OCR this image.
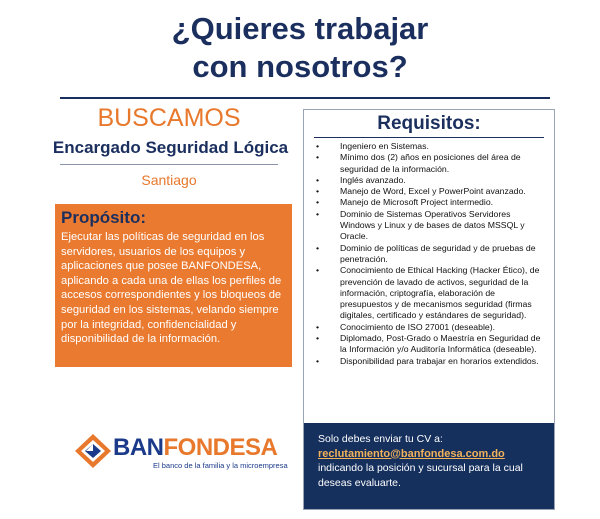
¿Quieres trabajar
con nosotros?
BUSCAMOS
Encargado Seguridad Lógica
Santiago
Propósito:
Ejecutar las políticas de seguridad en los servidores, usuarios de los equipos y aplicaciones que posee BANFONDESA, aplicando a cada una de ellas los perfiles de accesos correspondientes y los bloqueos de seguridad en los sistemas, velando siempre por la integridad, confidencialidad y disponibilidad de la información.
BANFONDESA
El banco de la familia y la microempresa
Requisitos:
• Ingeniero en Sistemas.
• Mínimo dos (2) años en posiciones del área de seguridad de la información.
• Inglés avanzado.
• Manejo de Word, Excel y PowerPoint avanzado.
• Manejo de Microsoft Project intermedio.
• Dominio de Sistemas Operativos Servidores Windows y Linux y de bases de datos MSSQL y Oracle.
• Dominio de políticas de seguridad y de pruebas de penetración.
• Conocimiento de Ethical Hacking (Hacker Ético), de prevención de lavado de activos, seguridad de la información, criptografía, elaboración de presupuestos y de mecanismos seguridad (firmas digitales, certificado y estándares de seguridad).
• Conocimiento de ISO 27001 (deseable).
• Diplomado, Post-Grado o Maestría en Seguridad de la Información y/o Auditoría Informática (deseable).
• Disponibilidad para trabajar en horarios extendidos.
Solo debes enviar tu CV a:
reclutamiento@banfondesa.com.do
indicando la posición y sucursal para la cual deseas evaluarte.
